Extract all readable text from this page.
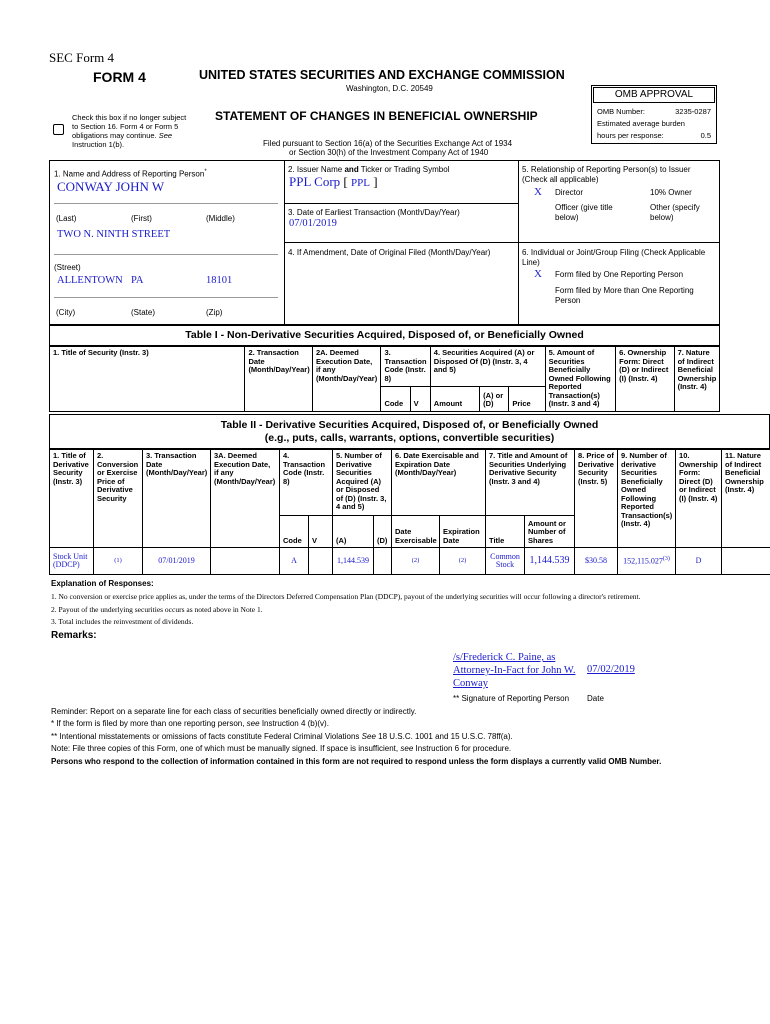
SEC Form 4
FORM 4	UNITED STATES SECURITIES AND EXCHANGE COMMISSION
Washington, D.C. 20549
Check this box if no longer subject to Section 16. Form 4 or Form 5 obligations may continue. See Instruction 1(b).
STATEMENT OF CHANGES IN BENEFICIAL OWNERSHIP
Filed pursuant to Section 16(a) of the Securities Exchange Act of 1934
or Section 30(h) of the Investment Company Act of 1940
OMB APPROVAL
OMB Number:	3235-0287
Estimated average burden
hours per response:	0.5
1. Name and Address of Reporting Person*
CONWAY JOHN W
(Last)	(First)	(Middle)
TWO N. NINTH STREET
(Street)
ALLENTOWN PA	18101
(City)	(State)	(Zip)
2. Issuer Name and Ticker or Trading Symbol
PPL Corp [ PPL ]
3. Date of Earliest Transaction (Month/Day/Year)
07/01/2019
4. If Amendment, Date of Original Filed (Month/Day/Year)
5. Relationship of Reporting Person(s) to Issuer (Check all applicable)
X Director	10% Owner
Officer (give title below)
Other (specify below)
6. Individual or Joint/Group Filing (Check Applicable Line)
X Form filed by One Reporting Person
Form filed by More than One Reporting Person
Table I - Non-Derivative Securities Acquired, Disposed of, or Beneficially Owned
1. Title of Security (Instr. 3)	2. Transaction Date (Month/Day/Year)	2A. Deemed Execution Date, if any (Month/Day/Year)	3. Transaction Code (Instr. 8)		4. Securities Acquired (A) or Disposed Of (D) (Instr. 3, 4 and 5)			5. Amount of Securities Beneficially Owned Following Reported Transaction(s) (Instr. 3 and 4)	6. Ownership Form: Direct (D) or Indirect (I) (Instr. 4)	7. Nature of Indirect Beneficial Ownership (Instr. 4)
			Code	V	Amount	(A) or (D)	Price			
Table II - Derivative Securities Acquired, Disposed of, or Beneficially Owned
(e.g., puts, calls, warrants, options, convertible securities)
1. Title of Derivative Security (Instr. 3)	2. Conversion or Exercise Price of Derivative Security	3. Transaction Date (Month/Day/Year)	3A. Deemed Execution Date, if any (Month/Day/Year)	4. Transaction Code (Instr. 8)		5. Number of Derivative Securities Acquired (A) or Disposed of (D) (Instr. 3, 4 and 5)		6. Date Exercisable and Expiration Date (Month/Day/Year)		7. Title and Amount of Securities Underlying Derivative Security (Instr. 3 and 4)		8. Price of Derivative Security (Instr. 5)	9. Number of derivative Securities Beneficially Owned Following Reported Transaction(s) (Instr. 4)	10. Ownership Form: Direct (D) or Indirect (I) (Instr. 4)	11. Nature of Indirect Beneficial Ownership (Instr. 4)
				Code	V	(A)	(D)	Date Exercisable	Expiration Date	Title	Amount or Number of Shares				
Stock Unit (DDCP)	(1)	07/01/2019		A		1,144.539		(2)	(2)	Common Stock	1,144.539	$30.58	152,115.027$^{(3)}$	D	
Explanation of Responses:
1. No conversion or exercise price applies as, under the terms of the Directors Deferred Compensation Plan (DDCP), payout of the underlying securities will occur following a director's retirement.
2. Payout of the underlying securities occurs as noted above in Note 1.
3. Total includes the reinvestment of dividends.
Remarks:
/s/Frederick C. Paine, as
Attorney-In-Fact for John W.
Conway
07/02/2019
** Signature of Reporting Person Date
Reminder: Report on a separate line for each class of securities beneficially owned directly or indirectly.
* If the form is filed by more than one reporting person, see Instruction 4 (b)(v).
** Intentional misstatements or omissions of facts constitute Federal Criminal Violations See 18 U.S.C. 1001 and 15 U.S.C. 78ff(a).
Note: File three copies of this Form, one of which must be manually signed. If space is insufficient, see Instruction 6 for procedure.
Persons who respond to the collection of information contained in this form are not required to respond unless the form displays a currently valid OMB Number.
